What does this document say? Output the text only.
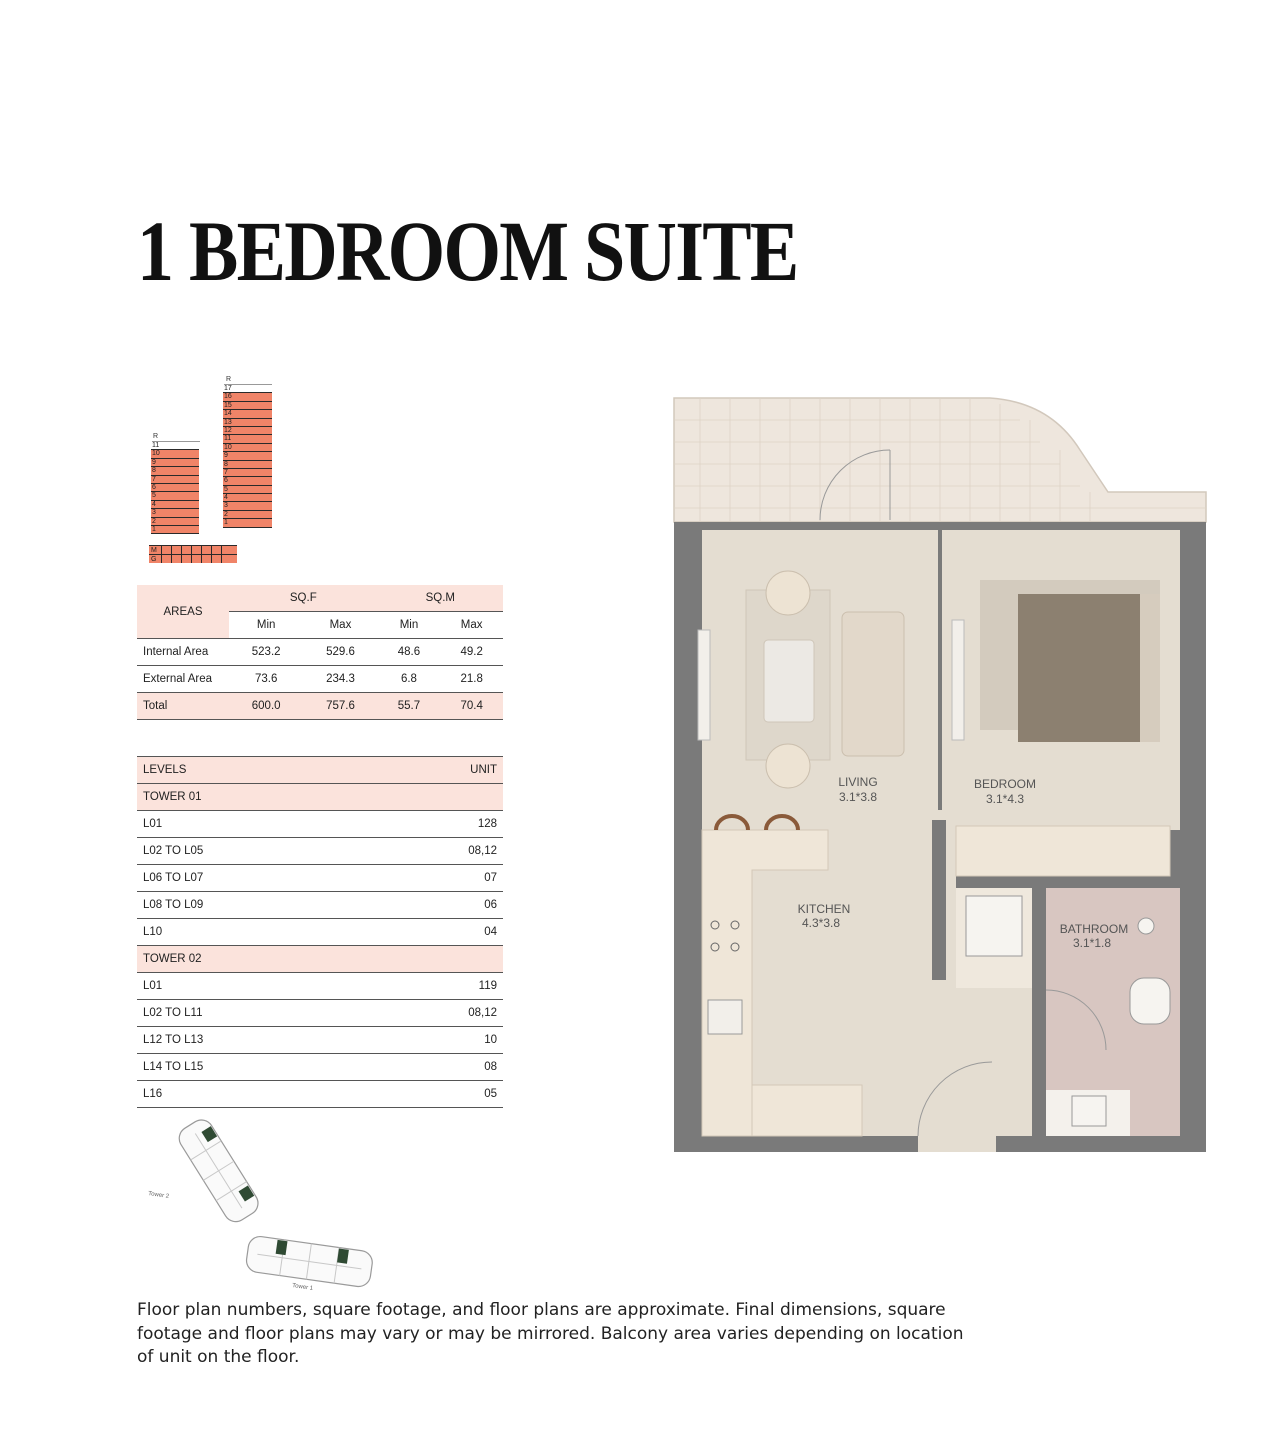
1 BEDROOM SUITE
R
11
10
9
8
7
6
5
4
3
2
1
R
17
16
15
14
13
12
11
10
9
8
7
6
5
4
3
2
1
M
G
AREAS	SQ.F		SQ.M	
	Min	Max	Min	Max
Internal Area	523.2	529.6	48.6	49.2
External Area	73.6	234.3	6.8	21.8
Total	600.0	757.6	55.7	70.4
LEVELS	UNIT
TOWER 01	
L01	128
L02 TO L05	08,12
L06 TO L07	07
L08 TO L09	06
L10	04
TOWER 02	
L01	119
L02 TO L11	08,12
L12 TO L13	10
L14 TO L15	08
L16	05
Tower 2
Tower 1
LIVING
3.1*3.8
BEDROOM
3.1*4.3
KITCHEN
4.3*3.8	BATHROOM
3.1*1.8

Floor plan numbers, square footage, and floor plans are approximate. Final dimensions, square footage and floor plans may vary or may be mirrored. Balcony area varies depending on location of unit on the floor.
